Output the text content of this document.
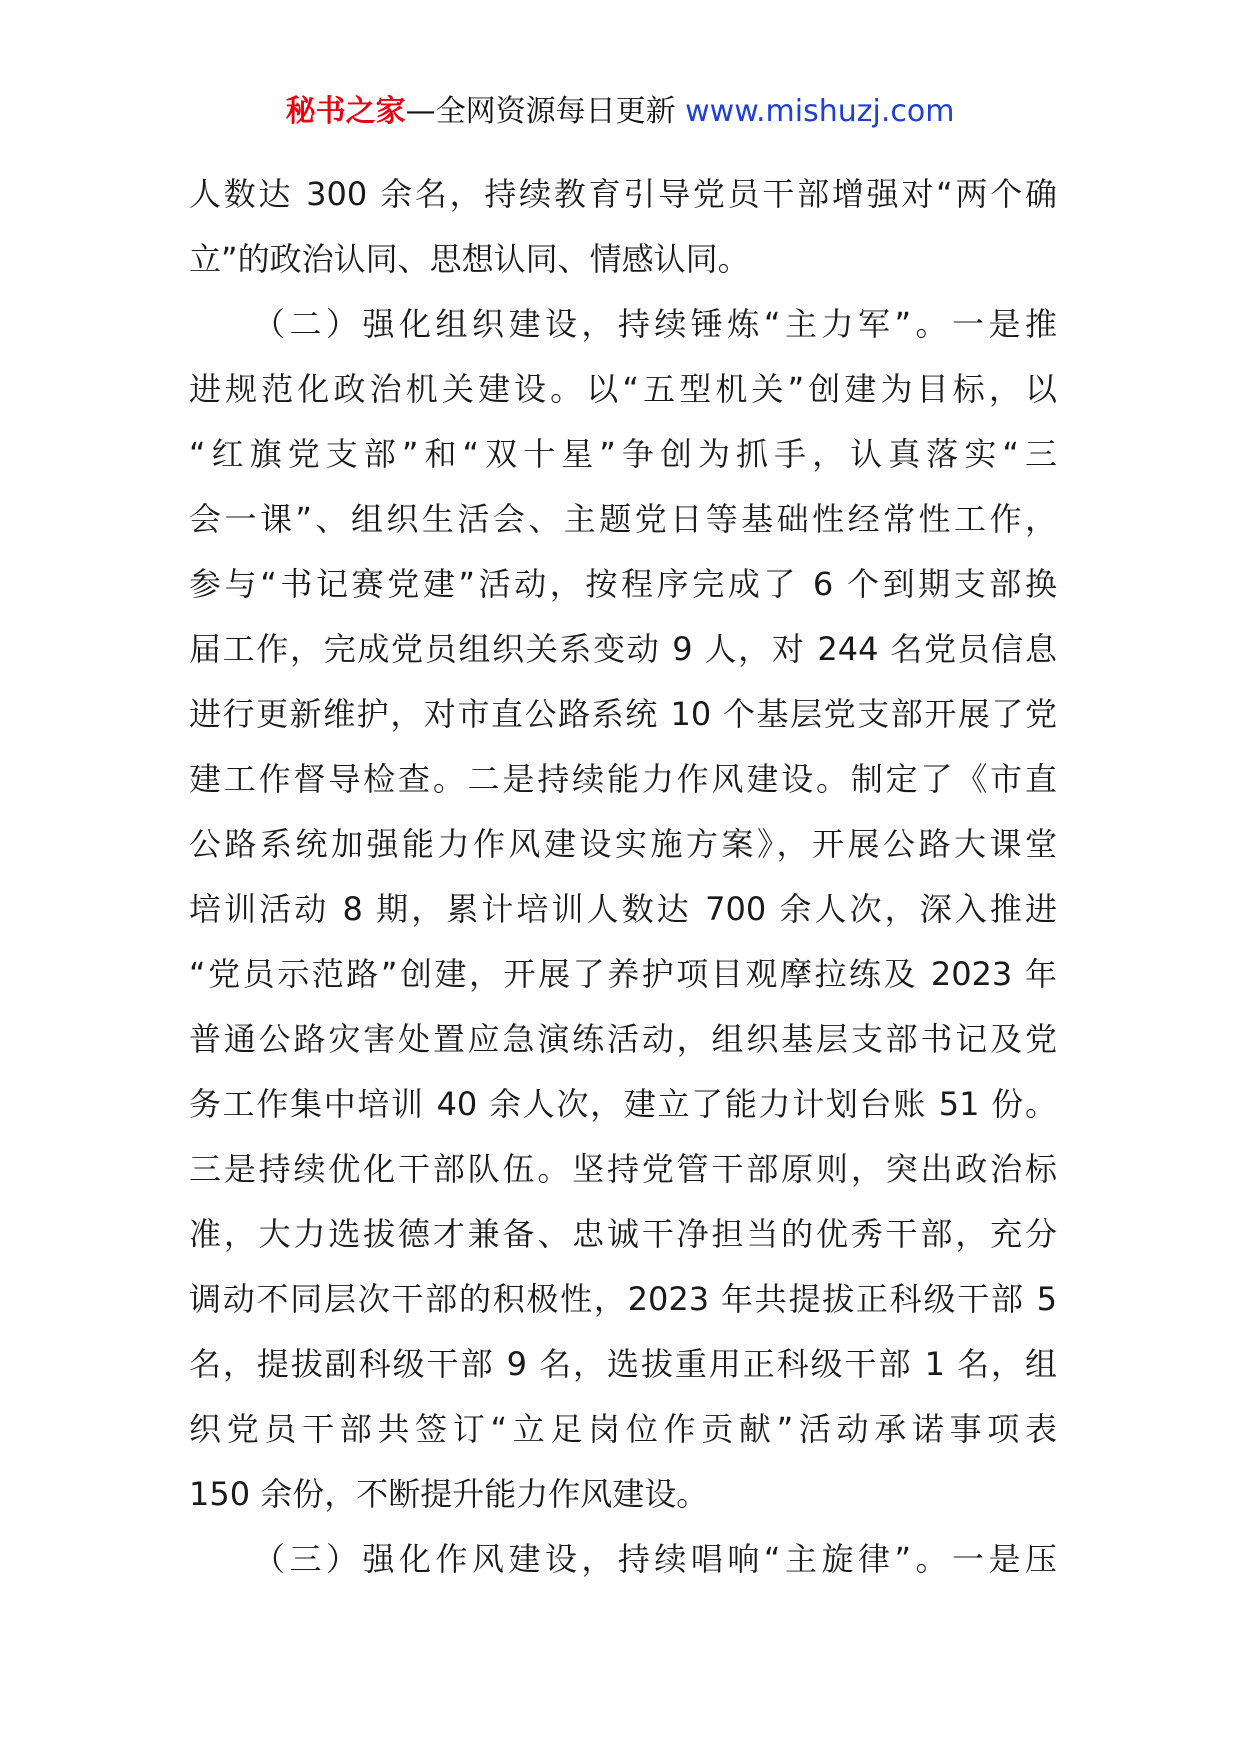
秘书之家—全网资源每日更新 www.mishuzj.com
人数达 300 余名，持续教育引导党员干部增强对“两个确
立”的政治认同、思想认同、情感认同。
（二）强化组织建设，持续锤炼“主力军”。一是推
进规范化政治机关建设。以“五型机关”创建为目标，以
“红旗党支部”和“双十星”争创为抓手，认真落实“三
会一课”、组织生活会、主题党日等基础性经常性工作，
参与“书记赛党建”活动，按程序完成了 6 个到期支部换
届工作，完成党员组织关系变动 9 人，对 244 名党员信息
进行更新维护，对市直公路系统 10 个基层党支部开展了党
建工作督导检查。二是持续能力作风建设。制定了《市直
公路系统加强能力作风建设实施方案》，开展公路大课堂
培训活动 8 期，累计培训人数达 700 余人次，深入推进
“党员示范路”创建，开展了养护项目观摩拉练及 2023 年
普通公路灾害处置应急演练活动，组织基层支部书记及党
务工作集中培训 40 余人次，建立了能力计划台账 51 份。
三是持续优化干部队伍。坚持党管干部原则，突出政治标
准，大力选拔德才兼备、忠诚干净担当的优秀干部，充分
调动不同层次干部的积极性，2023 年共提拔正科级干部 5
名，提拔副科级干部 9 名，选拔重用正科级干部 1 名，组
织党员干部共签订“立足岗位作贡献”活动承诺事项表
150 余份，不断提升能力作风建设。
（三）强化作风建设，持续唱响“主旋律”。一是压
